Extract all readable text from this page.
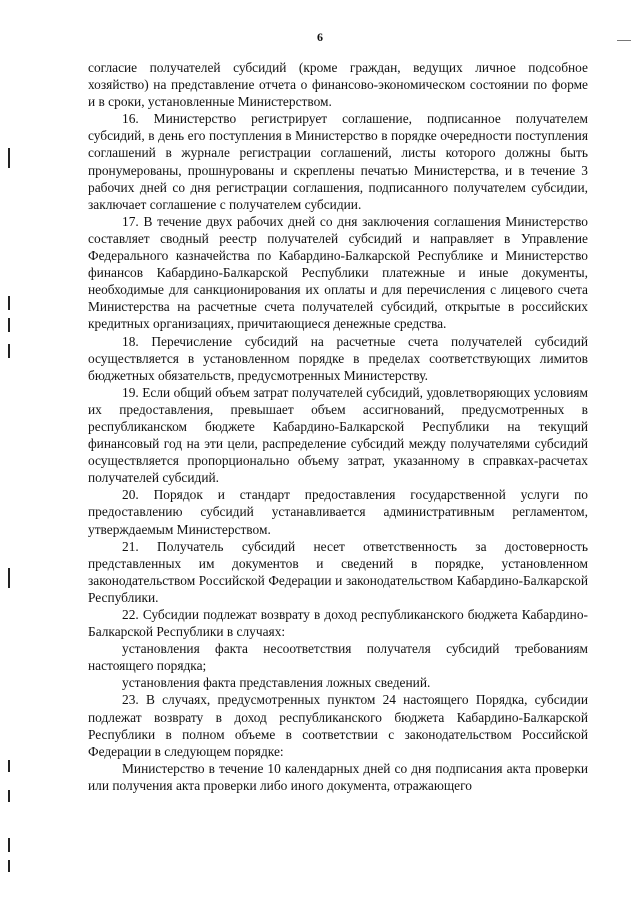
6

согласие получателей субсидий (кроме граждан, ведущих личное подсобное хозяйство) на представление отчета о финансово-экономическом состоянии по форме и в сроки, установленные Министерством.

16. Министерство регистрирует соглашение, подписанное получателем субсидий, в день его поступления в Министерство в порядке очередности поступления соглашений в журнале регистрации соглашений, листы которого должны быть пронумерованы, прошнурованы и скреплены печатью Министерства, и в течение 3 рабочих дней со дня регистрации соглашения, подписанного получателем субсидии, заключает соглашение с получателем субсидии.

17. В течение двух рабочих дней со дня заключения соглашения Министерство составляет сводный реестр получателей субсидий и направляет в Управление Федерального казначейства по Кабардино-Балкарской Республике и Министерство финансов Кабардино-Балкарской Республики платежные и иные документы, необходимые для санкционирования их оплаты и для перечисления с лицевого счета Министерства на расчетные счета получателей субсидий, открытые в российских кредитных организациях, причитающиеся денежные средства.

18. Перечисление субсидий на расчетные счета получателей субсидий осуществляется в установленном порядке в пределах соответствующих лимитов бюджетных обязательств, предусмотренных Министерству.

19. Если общий объем затрат получателей субсидий, удовлетворяющих условиям их предоставления, превышает объем ассигнований, предусмотренных в республиканском бюджете Кабардино-Балкарской Республики на текущий финансовый год на эти цели, распределение субсидий между получателями субсидий осуществляется пропорционально объему затрат, указанному в справках-расчетах получателей субсидий.

20. Порядок и стандарт предоставления государственной услуги по предоставлению субсидий устанавливается административным регламентом, утверждаемым Министерством.

21. Получатель субсидий несет ответственность за достоверность представленных им документов и сведений в порядке, установленном законодательством Российской Федерации и законодательством Кабардино-Балкарской Республики.

22. Субсидии подлежат возврату в доход республиканского бюджета Кабардино-Балкарской Республики в случаях:

установления факта несоответствия получателя субсидий требованиям настоящего порядка;

установления факта представления ложных сведений.

23. В случаях, предусмотренных пунктом 24 настоящего Порядка, субсидии подлежат возврату в доход республиканского бюджета Кабардино-Балкарской Республики в полном объеме в соответствии с законодательством Российской Федерации в следующем порядке:

Министерство в течение 10 календарных дней со дня подписания акта проверки или получения акта проверки либо иного документа, отражающего
